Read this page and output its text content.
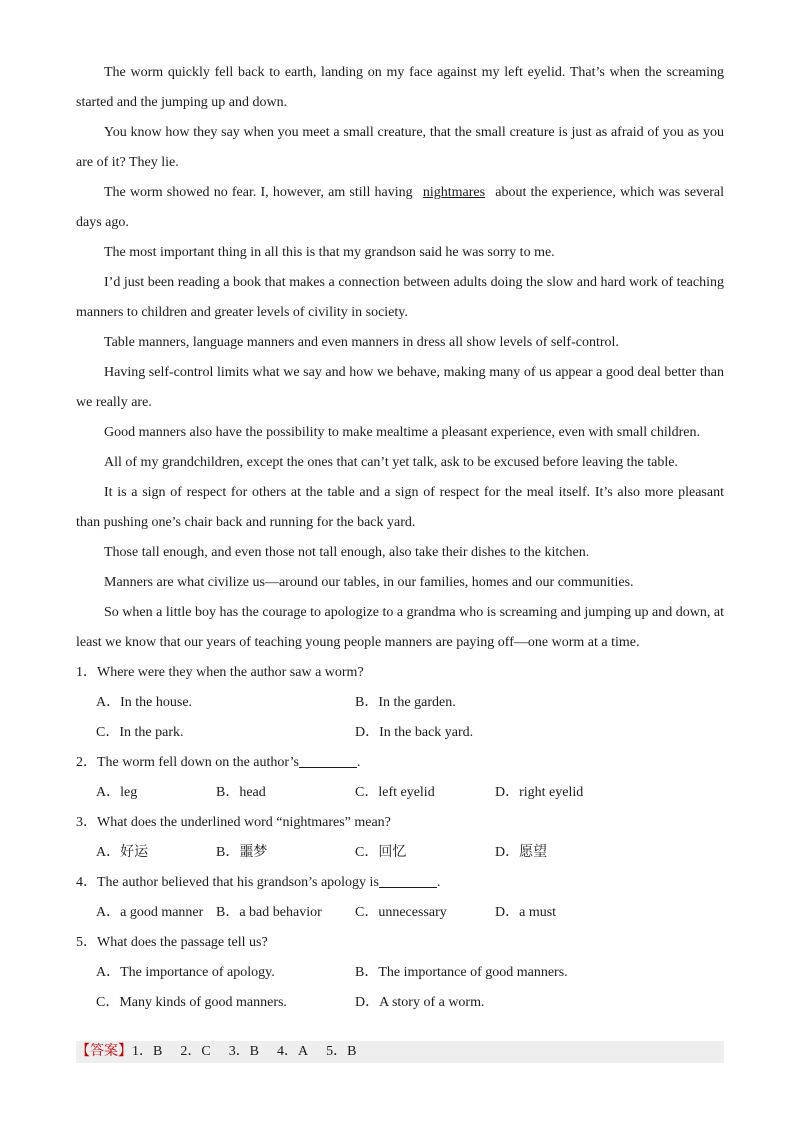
The worm quickly fell back to earth, landing on my face against my left eyelid. That’s when the screaming started and the jumping up and down.

You know how they say when you meet a small creature, that the small creature is just as afraid of you as you are of it? They lie.

The worm showed no fear. I, however, am still having nightmares about the experience, which was several days ago.

The most important thing in all this is that my grandson said he was sorry to me.

I’d just been reading a book that makes a connection between adults doing the slow and hard work of teaching manners to children and greater levels of civility in society.

Table manners, language manners and even manners in dress all show levels of self-control.

Having self-control limits what we say and how we behave, making many of us appear a good deal better than we really are.

Good manners also have the possibility to make mealtime a pleasant experience, even with small children.

All of my grandchildren, except the ones that can’t yet talk, ask to be excused before leaving the table.

It is a sign of respect for others at the table and a sign of respect for the meal itself. It’s also more pleasant than pushing one’s chair back and running for the back yard.

Those tall enough, and even those not tall enough, also take their dishes to the kitchen.

Manners are what civilize us—around our tables, in our families, homes and our communities.

So when a little boy has the courage to apologize to a grandma who is screaming and jumping up and down, at least we know that our years of teaching young people manners are paying off—one worm at a time.

1．Where were they when the author saw a worm?

A．In the house.	B．In the garden.
C．In the park.	D．In the back yard.

2．The worm fell down on the author’s	.

A．leg	B．head	C．left eyelid	D．right eyelid

3．What does the underlined word “nightmares” mean?

A．好运	B．噩梦	C．回忆	D．愿望

4．The author believed that his grandson’s apology is	.

A．a good manner B．a bad behavior C．unnecessary	D．a must

5．What does the passage tell us?

A．The importance of apology.	B．The importance of good manners.
C．Many kinds of good manners.	D．A story of a worm.
【答案】1．B 2．C 3．B 4．A 5．B
